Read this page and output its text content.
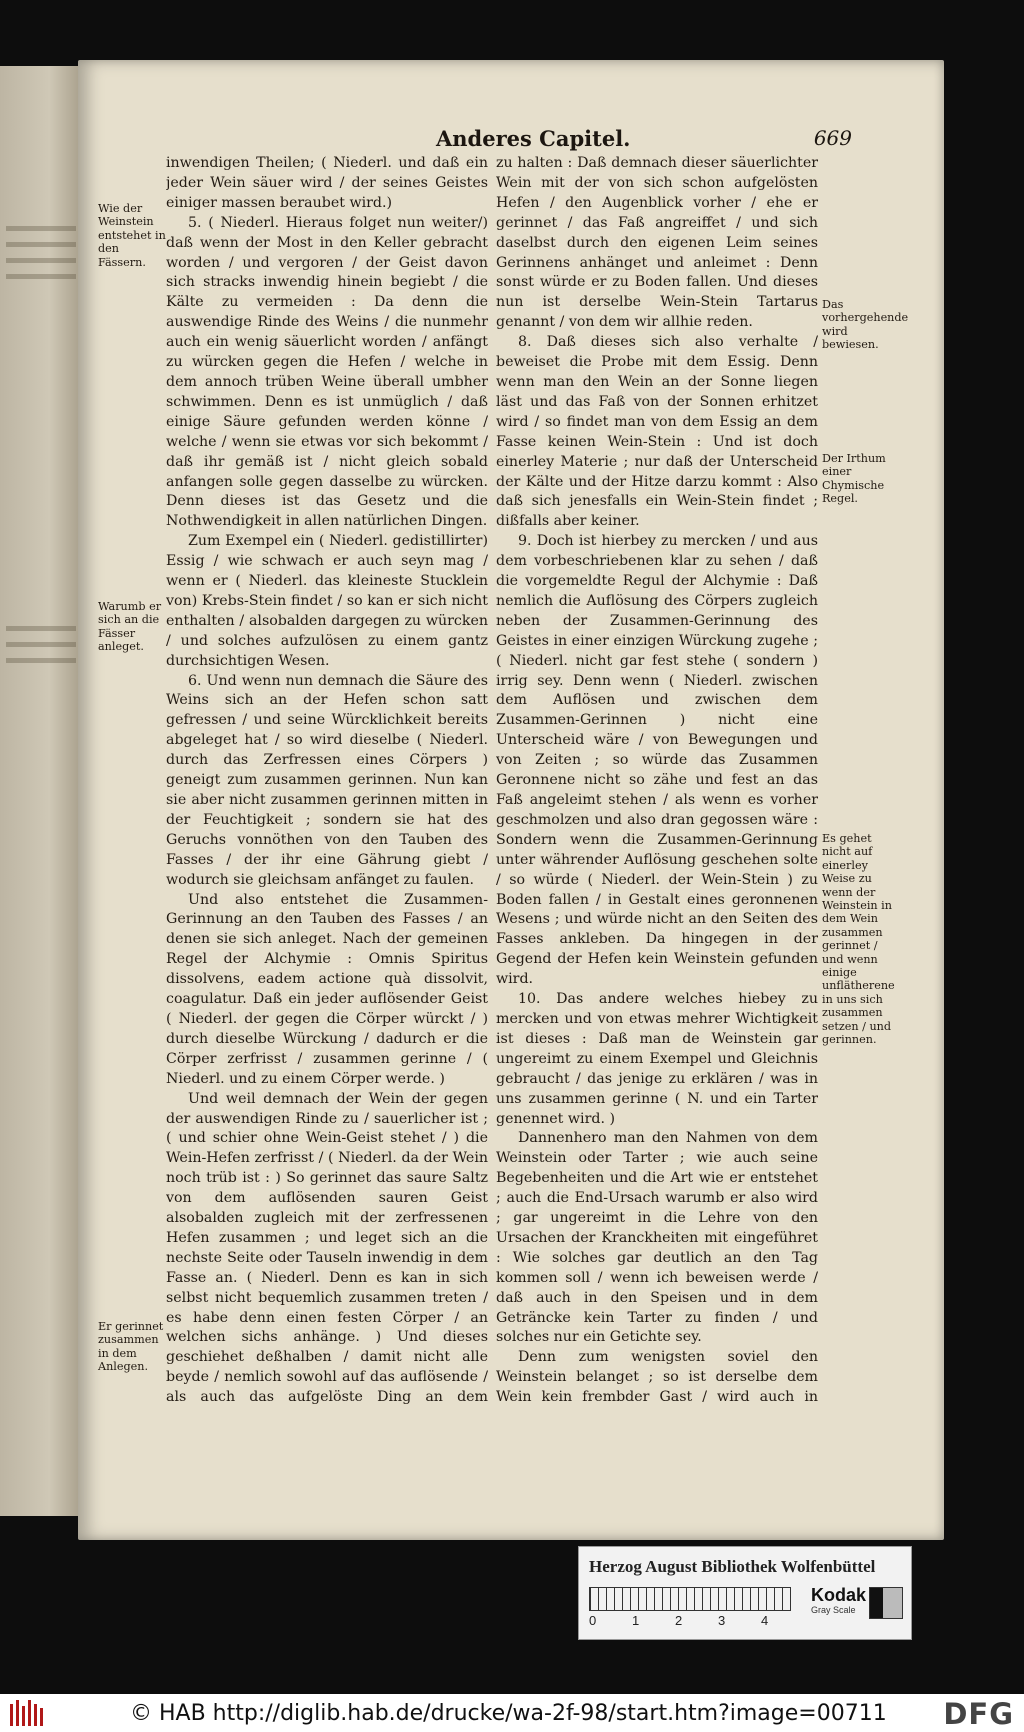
Anderes Capitel.	669

inwendigen Theilen; ( Niederl. und daß ein jeder Wein säuer wird / der seines Geistes einiger massen beraubet wird.)

5. ( Niederl. Hieraus folget nun weiter/) daß wenn der Most in den Keller gebracht worden / und vergoren / der Geist davon sich stracks inwendig hinein begiebt / die Kälte zu vermeiden : Da denn die auswendige Rinde des Weins / die nunmehr auch ein wenig säuerlicht worden / anfängt zu würcken gegen die Hefen / welche in dem annoch trüben Weine überall umbher schwimmen. Denn es ist unmüglich / daß einige Säure gefunden werden könne / welche / wenn sie etwas vor sich bekommt / daß ihr gemäß ist / nicht gleich sobald anfangen solle gegen dasselbe zu würcken. Denn dieses ist das Gesetz und die Nothwendigkeit in allen natürlichen Dingen.

Zum Exempel ein ( Niederl. gedistillirter) Essig / wie schwach er auch seyn mag / wenn er ( Niederl. das kleineste Stucklein von) Krebs-Stein findet / so kan er sich nicht enthalten / alsobalden dargegen zu würcken / und solches aufzulösen zu einem gantz durchsichtigen Wesen.

6. Und wenn nun demnach die Säure des Weins sich an der Hefen schon satt gefressen / und seine Würcklichkeit bereits abgeleget hat / so wird dieselbe ( Niederl. durch das Zerfressen eines Cörpers ) geneigt zum zusammen gerinnen. Nun kan sie aber nicht zusammen gerinnen mitten in der Feuchtigkeit ; sondern sie hat des Geruchs vonnöthen von den Tauben des Fasses / der ihr eine Gährung giebt / wodurch sie gleichsam anfänget zu faulen.

Und also entstehet die Zusammen-Gerinnung an den Tauben des Fasses / an denen sie sich anleget. Nach der gemeinen Regel der Alchymie : Omnis Spiritus dissolvens, eadem actione quà dissolvit, coagulatur. Daß ein jeder auflösender Geist ( Niederl. der gegen die Cörper würckt / ) durch dieselbe Würckung / dadurch er die Cörper zerfrisst / zusammen gerinne / ( Niederl. und zu einem Cörper werde. )

Und weil demnach der Wein der gegen der auswendigen Rinde zu / sauerlicher ist ; ( und schier ohne Wein-Geist stehet / ) die Wein-Hefen zerfrisst / ( Niederl. da der Wein noch trüb ist : ) So gerinnet das saure Saltz von dem auflösenden sauren Geist alsobalden zugleich mit der zerfressenen Hefen zusammen ; und leget sich an die nechste Seite oder Tauseln inwendig in dem Fasse an. ( Niederl. Denn es kan in sich selbst nicht bequemlich zusammen treten / es habe denn einen festen Cörper / an welchen sichs anhänge. ) Und dieses geschiehet deßhalben / damit nicht alle beyde / nemlich sowohl auf das auflösende / als auch das aufgelöste Ding an dem

zu halten : Daß demnach dieser säuerlichter Wein mit der von sich schon aufgelösten Hefen / den Augenblick vorher / ehe er gerinnet / das Faß angreiffet / und sich daselbst durch den eigenen Leim seines Gerinnens anhänget und anleimet : Denn sonst würde er zu Boden fallen. Und dieses nun ist derselbe Wein-Stein Tartarus genannt / von dem wir allhie reden.

8. Daß dieses sich also verhalte / beweiset die Probe mit dem Essig. Denn wenn man den Wein an der Sonne liegen läst und das Faß von der Sonnen erhitzet wird / so findet man von dem Essig an dem Fasse keinen Wein-Stein : Und ist doch einerley Materie ; nur daß der Unterscheid der Kälte und der Hitze darzu kommt : Also daß sich jenesfalls ein Wein-Stein findet ; dißfalls aber keiner.

9. Doch ist hierbey zu mercken / und aus dem vorbeschriebenen klar zu sehen / daß die vorgemeldte Regul der Alchymie : Daß nemlich die Auflösung des Cörpers zugleich neben der Zusammen-Gerinnung des Geistes in einer einzigen Würckung zugehe ; ( Niederl. nicht gar fest stehe ( sondern ) irrig sey. Denn wenn ( Niederl. zwischen dem Auflösen und zwischen dem Zusammen-Gerinnen ) nicht eine Unterscheid wäre / von Bewegungen und von Zeiten ; so würde das Zusammen Geronnene nicht so zähe und fest an das Faß angeleimt stehen / als wenn es vorher geschmolzen und also dran gegossen wäre : Sondern wenn die Zusammen-Gerinnung unter währender Auflösung geschehen solte / so würde ( Niederl. der Wein-Stein ) zu Boden fallen / in Gestalt eines geronnenen Wesens ; und würde nicht an den Seiten des Fasses ankleben. Da hingegen in der Gegend der Hefen kein Weinstein gefunden wird.

10. Das andere welches hiebey zu mercken und von etwas mehrer Wichtigkeit ist dieses : Daß man de Weinstein gar ungereimt zu einem Exempel und Gleichnis gebraucht / das jenige zu erklären / was in uns zusammen gerinne ( N. und ein Tarter genennet wird. )

Dannenhero man den Nahmen von dem Weinstein oder Tarter ; wie auch seine Begebenheiten und die Art wie er entstehet ; auch die End-Ursach warumb er also wird ; gar ungereimt in die Lehre von den Ursachen der Kranckheiten mit eingeführet : Wie solches gar deutlich an den Tag kommen soll / wenn ich beweisen werde / daß auch in den Speisen und in dem Geträncke kein Tarter zu finden / und solches nur ein Getichte sey.

Denn zum wenigsten soviel den Weinstein belanget ; so ist derselbe dem Wein kein frembder Gast / wird auch in

Wie der Weinstein entstehet in den Fässern.
Warumb er sich an die Fässer anleget.
Er gerinnet zusammen in dem Anlegen.
Das vorhergehende wird bewiesen.
Der Irthum einer Chymische Regel.
Es gehet nicht auf einerley Weise zu wenn der Weinstein in dem Wein zusammen gerinnet / und wenn einige unflätherene in uns sich zusammen setzen / und gerinnen.
Herzog August Bibliothek Wolfenbüttel
0	1	2	3	4
Kodak
Gray Scale
© HAB http://diglib.hab.de/drucke/wa-2f-98/start.htm?image=00711 DFG
